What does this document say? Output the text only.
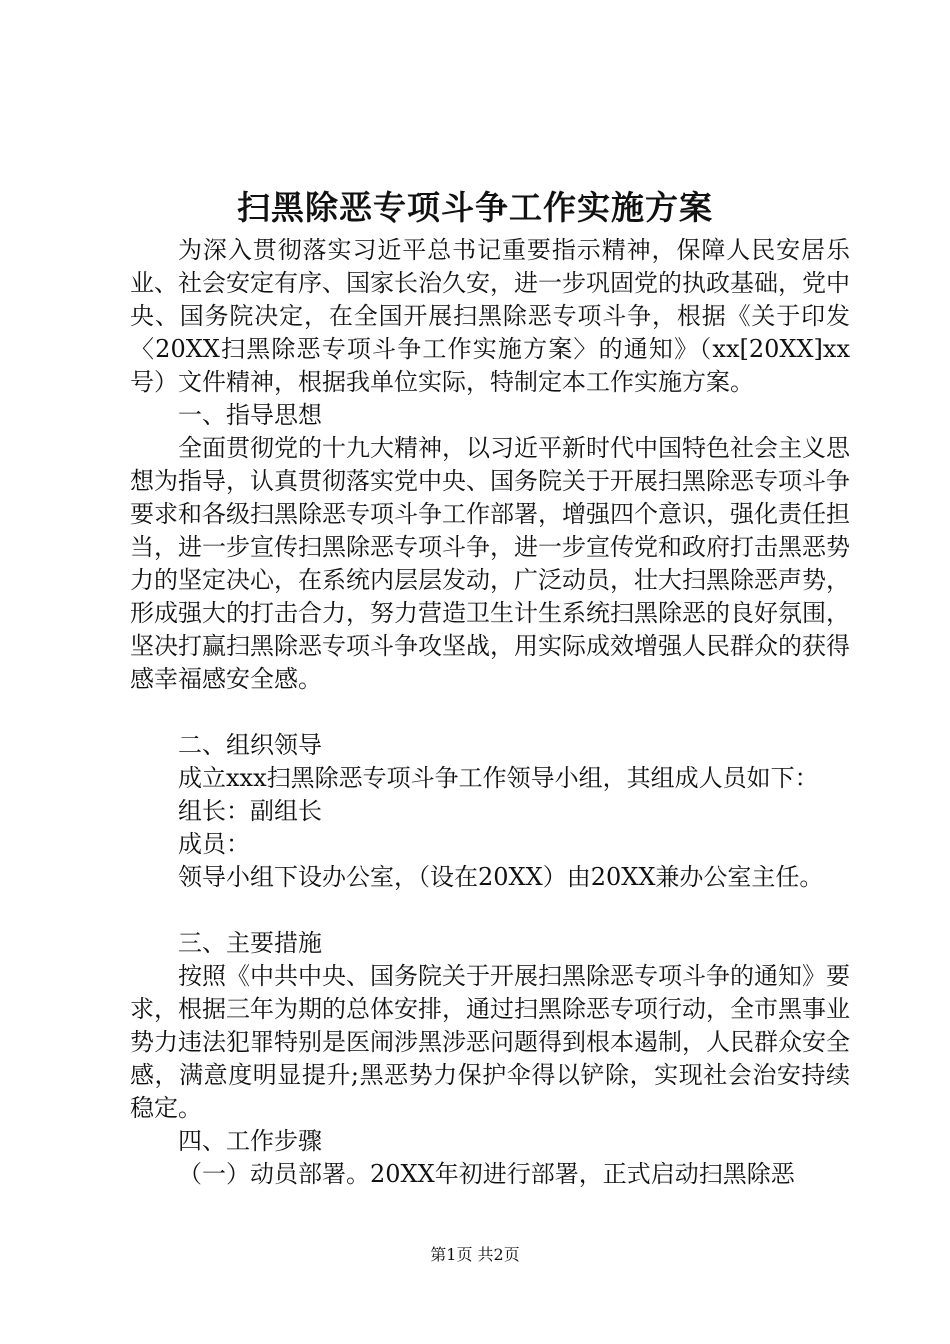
扫黑除恶专项斗争工作实施方案

为深入贯彻落实习近平总书记重要指示精神，保障人民安居乐业、社会安定有序、国家长治久安，进一步巩固党的执政基础，党中央、国务院决定，在全国开展扫黑除恶专项斗争，根据《关于印发〈20XX扫黑除恶专项斗争工作实施方案〉的通知》（xx[20XX]xx号）文件精神，根据我单位实际，特制定本工作实施方案。

一、指导思想

全面贯彻党的十九大精神，以习近平新时代中国特色社会主义思想为指导，认真贯彻落实党中央、国务院关于开展扫黑除恶专项斗争要求和各级扫黑除恶专项斗争工作部署，增强四个意识，强化责任担当，进一步宣传扫黑除恶专项斗争，进一步宣传党和政府打击黑恶势力的坚定决心，在系统内层层发动，广泛动员，壮大扫黑除恶声势，形成强大的打击合力，努力营造卫生计生系统扫黑除恶的良好氛围，坚决打赢扫黑除恶专项斗争攻坚战，用实际成效增强人民群众的获得感幸福感安全感。

二、组织领导

成立xxx扫黑除恶专项斗争工作领导小组，其组成人员如下：

组长：副组长

成员：

领导小组下设办公室，（设在20XX）由20XX兼办公室主任。

三、主要措施

按照《中共中央、国务院关于开展扫黑除恶专项斗争的通知》要求，根据三年为期的总体安排，通过扫黑除恶专项行动，全市黑事业势力违法犯罪特别是医闹涉黑涉恶问题得到根本遏制，人民群众安全感，满意度明显提升;黑恶势力保护伞得以铲除，实现社会治安持续稳定。

四、工作步骤

（一）动员部署。20XX年初进行部署，正式启动扫黑除恶

第1页 共2页
